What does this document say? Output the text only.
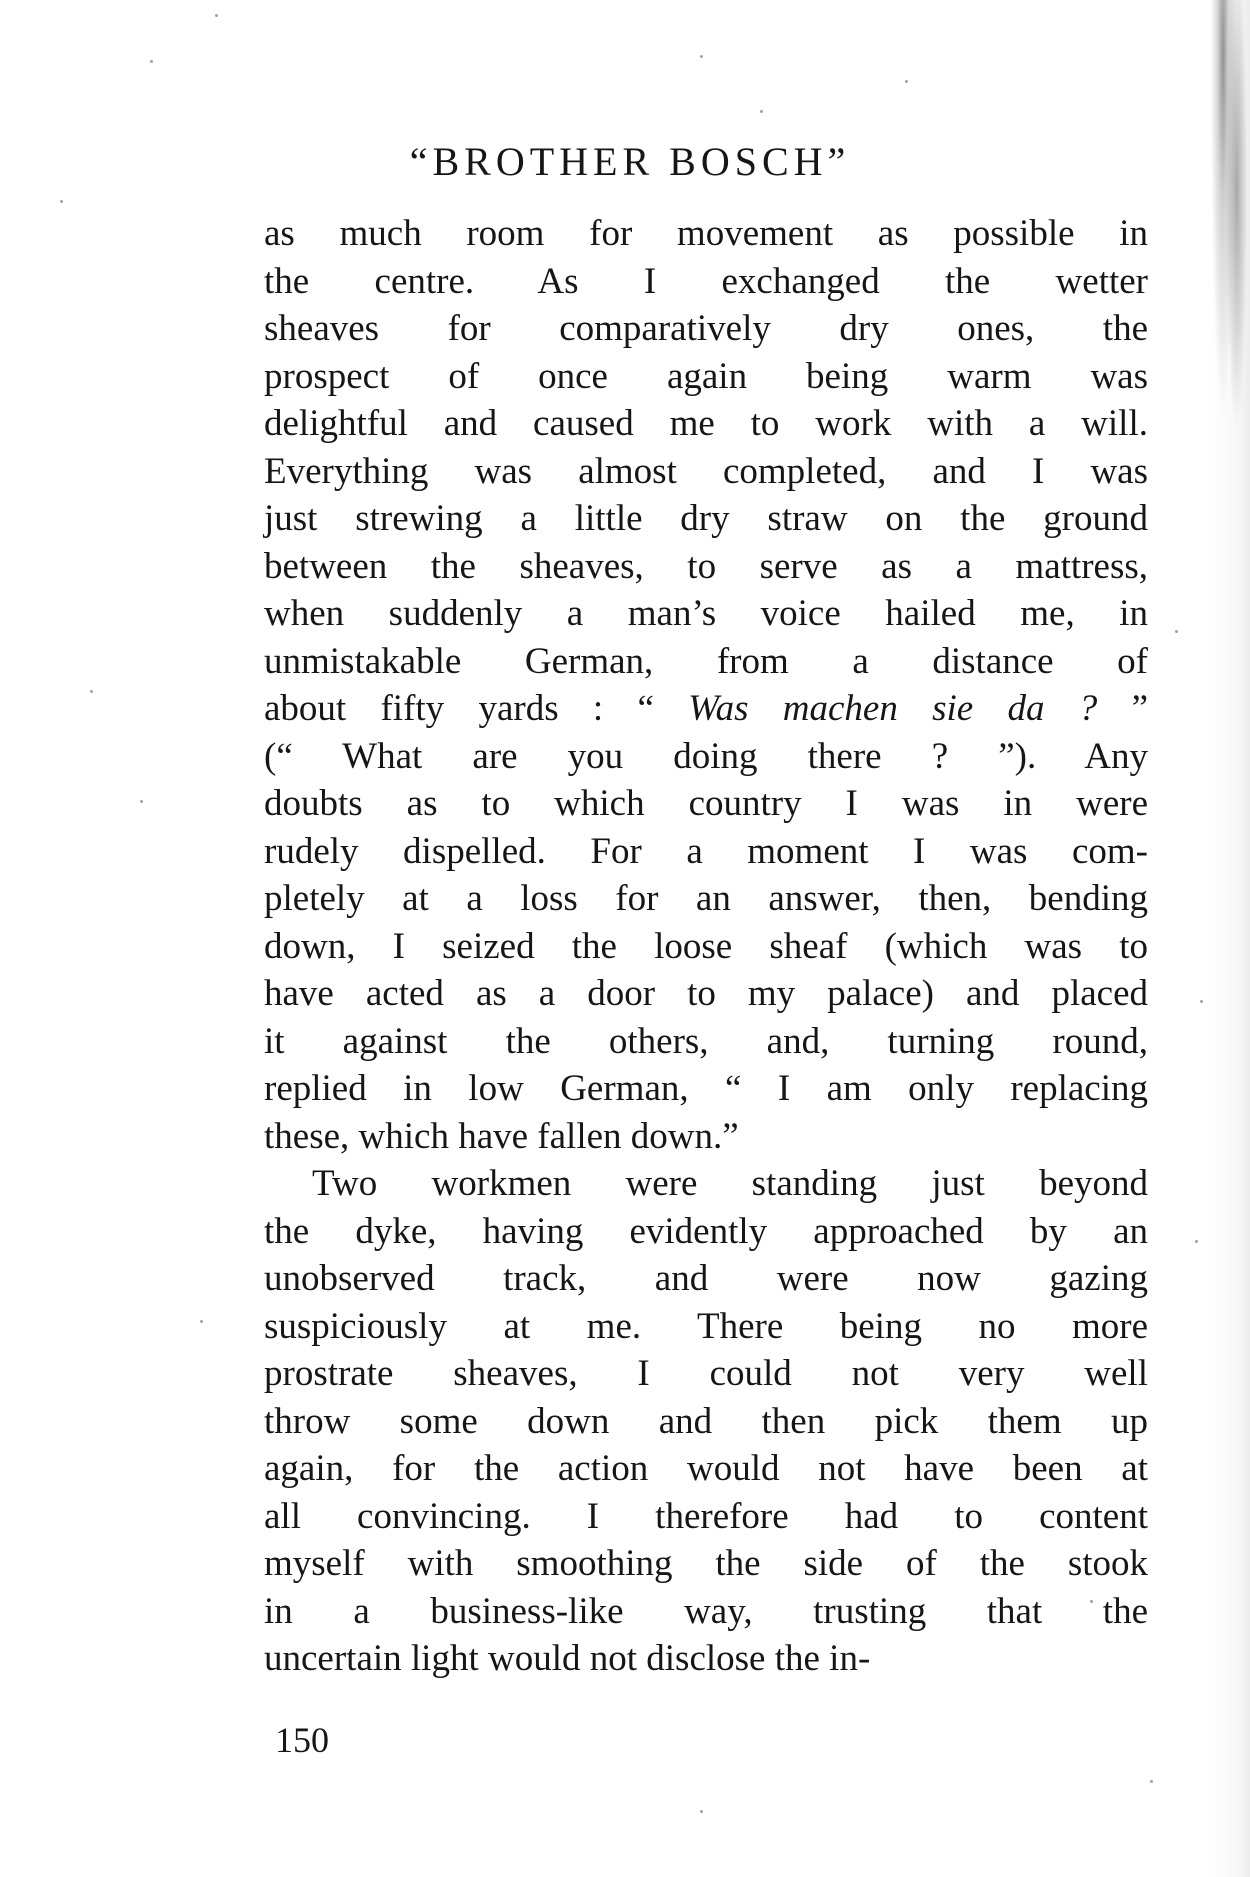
“BROTHER BOSCH”
as much room for movement as possible in
the centre. As I exchanged the wetter
sheaves for comparatively dry ones, the
prospect of once again being warm was
delightful and caused me to work with a will.
Everything was almost completed, and I was
just strewing a little dry straw on the ground
between the sheaves, to serve as a mattress,
when suddenly a man’s voice hailed me, in
unmistakable German, from a distance of
about fifty yards : “ Was machen sie da ? ”
(“ What are you doing there ? ”). Any
doubts as to which country I was in were
rudely dispelled. For a moment I was com-
pletely at a loss for an answer, then, bending
down, I seized the loose sheaf (which was to
have acted as a door to my palace) and placed
it against the others, and, turning round,
replied in low German, “ I am only replacing
these, which have fallen down.”
Two workmen were standing just beyond
the dyke, having evidently approached by an
unobserved track, and were now gazing
suspiciously at me. There being no more
prostrate sheaves, I could not very well
throw some down and then pick them up
again, for the action would not have been at
all convincing. I therefore had to content
myself with smoothing the side of the stook
in a business-like way, trusting that the
uncertain light would not disclose the in-
150
